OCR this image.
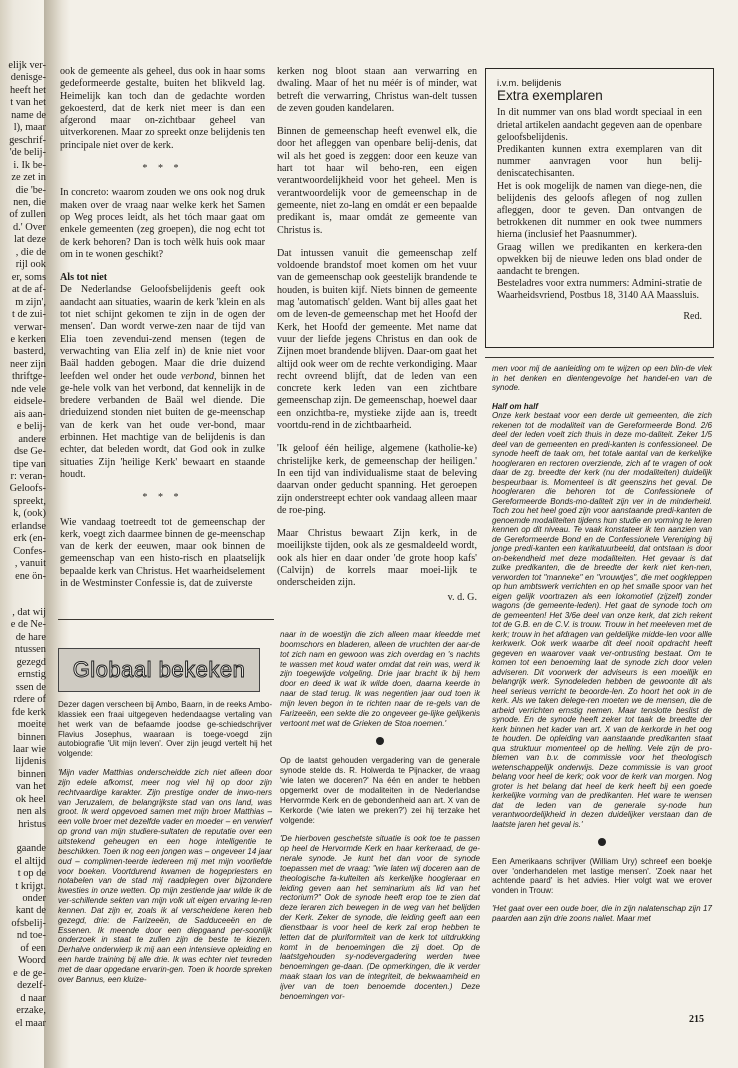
elijk ver-
denisge-
heeft het
t van het
name de
l), maar
geschrif-
'de belij-
i. Ik be-
ze zet in
die 'be-
nen, die
of zullen
d.' Over
lat deze
, die de
rijl ook
er, soms
at de af-
m zijn',
t de zui-
verwar-
e kerken
basterd,
neer zijn
thriftge-
nde vele
eidsele-
ais aan-
e belij-
andere
dse Ge-
tipe van
r: veran-
Geloofs-
spreekt,
k, (ook)
erlandse
erk (en-
Confes-
, vanuit
ene ön-

, dat wij
e de Ne-
de hare
ntussen
gezegd
ernstig
ssen de
rdere of
fde kerk
moeite
binnen
laar wie
lijdenis
binnen
van het
ok heel
nen als
hristus

gaande
el altijd
t op de
t krijgt.
onder
kant de
ofsbelij-
nd toe-
of een
Woord
e de ge-
dezelf-
d naar
erzake,
el maar

ook de gemeente als geheel, dus ook in haar soms gedeformeerde gestalte, buiten het blikveld lag. Heimelijk kan toch dan de gedachte worden gekoesterd, dat de kerk niet meer is dan een afgerond maar on-zichtbaar geheel van uitverkorenen. Maar zo spreekt onze belijdenis ten principale niet over de kerk.

* * *

In concreto: waarom zouden we ons ook nog druk maken over de vraag naar welke kerk het Samen op Weg proces leidt, als het tóch maar gaat om enkele gemeenten (zeg groepen), die nog echt tot de kerk behoren? Dan is toch wèlk huis ook maar om in te wonen geschikt?

Als tot niet

De Nederlandse Geloofsbelijdenis geeft ook aandacht aan situaties, waarin de kerk 'klein en als tot niet schijnt gekomen te zijn in de ogen der mensen'. Dan wordt verwe-zen naar de tijd van Elia toen zevendui-zend mensen (tegen de verwachting van Elia zelf in) de knie niet voor Baäl hadden gebogen. Maar die drie duizend leefden wel onder het oude verbond, binnen het ge-hele volk van het verbond, dat kennelijk in de bredere verbanden de Baäl wel diende. Die drieduizend stonden niet buiten de ge-meenschap van de kerk van het oude ver-bond, maar erbinnen. Het machtige van de belijdenis is dan echter, dat beleden wordt, dat God ook in zulke situaties Zijn 'heilige Kerk' bewaart en staande houdt.

* * *

Wie vandaag toetreedt tot de gemeenschap der kerk, voegt zich daarmee binnen de ge-meenschap van de kerk der eeuwen, maar ook binnen de gemeenschap van een histo-risch en plaatselijk bepaalde kerk van Christus. Het waarheidselement in de Westminster Confessie is, dat de zuiverste

kerken nog bloot staan aan verwarring en dwaling. Maar of het nu méér is of minder, wat betreft die verwarring, Christus wan-delt tussen de zeven gouden kandelaren.

Binnen de gemeenschap heeft evenwel elk, die door het afleggen van openbare belij-denis, dat wil als het goed is zeggen: door een keuze van hart tot haar wil beho-ren, een eigen verantwoordelijkheid voor het geheel. Men is verantwoordelijk voor de gemeenschap in de gemeente, niet zo-lang en omdát er een bepaalde predikant is, maar omdát ze gemeente van Christus is.

Dat intussen vanuit die gemeenschap zelf voldoende brandstof moet komen om het vuur van de gemeenschap ook geestelijk brandende te houden, is buiten kijf. Niets binnen de gemeente mag 'automatisch' gelden. Want bij alles gaat het om de leven-de gemeenschap met het Hoofd der Kerk, het Hoofd der gemeente. Met name dat vuur der liefde jegens Christus en dan ook de Zijnen moet brandende blijven. Daar-om gaat het altijd ook weer om de rechte verkondiging. Maar recht ovreend blijft, dat de leden van een concrete kerk leden van een zichtbare gemeenschap zijn. De gemeenschap, hoewel daar een onzichtba-re, mystieke zijde aan is, treedt voortdu-rend in de zichtbaarheid.

'Ik geloof één heilige, algemene (katholie-ke) christelijke kerk, de gemeenschap der heiligen.' In een tijd van individualisme staat de beleving daarvan onder geducht spanning. Het geroepen zijn onderstreept echter ook vandaag alleen maar de roe-ping.

Maar Christus bewaart Zijn kerk, in de moeilijkste tijden, ook als ze gesmaldeeld wordt, ook als hier en daar onder 'de grote hoop kafs' (Calvijn) de korrels maar moei-lijk te onderscheiden zijn.

v. d. G.
i.v.m. belijdenis
Extra exemplaren

In dit nummer van ons blad wordt speciaal in een drietal artikelen aandacht gegeven aan de openbare geloofsbelijdenis.

Predikanten kunnen extra exemplaren van dit nummer aanvragen voor hun belij-deniscatechisanten.

Het is ook mogelijk de namen van diege-nen, die belijdenis des geloofs aflegen of nog zullen afleggen, door te geven. Dan ontvangen de betrokkenen dit nummer en ook twee nummers hierna (inclusief het Paasnummer).

Graag willen we predikanten en kerkera-den opwekken bij de nieuwe leden ons blad onder de aandacht te brengen.

Besteladres voor extra nummers: Admini-stratie de Waarheidsvriend, Postbus 18, 3140 AA Maassluis.

Red.
Globaal bekeken

Dezer dagen verscheen bij Ambo, Baarn, in de reeks Ambo-klassiek een fraai uitgegeven hedendaagse vertaling van het werk van de befaamde joodse ge-schiedschrijver Flavius Josephus, waaraan is toege-voegd zijn autobiografie 'Uit mijn leven'. Over zijn jeugd vertelt hij het volgende:

'Mijn vader Matthias onderscheidde zich niet alleen door zijn edele afkomst, meer nog viel hij op door zijn rechtvaardige karakter. Zijn prestige onder de inwo-ners van Jeruzalem, de belangrijkste stad van ons land, was groot. Ik werd opgevoed samen met mijn broer Matthias – een volle broer met dezelfde vader en moeder – en verwierf op grond van mijn studiere-sultaten de reputatie over een uitstekend geheugen en een hoge intelligentie te beschikken. Toen ik nog een jongen was – ongeveer 14 jaar oud – complimen-teerde iedereen mij met mijn voorliefde voor boeken. Voortdurend kwamen de hogepriesters en notabelen van de stad mij raadplegen over bijzondere kwesties in onze wetten. Op mijn zestiende jaar wilde ik de ver-schillende sekten van mijn volk uit eigen ervaring le-ren kennen. Dat zijn er, zoals ik al verscheidene keren heb gezegd, drie: de Farizeeën, de Sadduceeën en de Essenen. Ik meende door een diepgaand per-soonlijk onderzoek in staat te zullen zijn de beste te kiezen. Derhalve onderwierp ik mij aan een intensieve opleiding en een harde training bij alle drie. Ik was echter niet tevreden met de daar opgedane ervarin-gen. Toen ik hoorde spreken over Bannus, een kluize-

naar in de woestijn die zich alleen maar kleedde met boomschors en bladeren, alleen de vruchten der aar-de tot zich nam en gewoon was zich overdag en 's nachts te wassen met koud water omdat dat rein was, werd ik zijn toegewijde volgeling. Drie jaar bracht ik bij hem door en deed ik wat ik wilde doen, daarna keerde in naar de stad terug. Ik was negentien jaar oud toen ik mijn leven begon in te richten naar de re-gels van de Farizeeën, een sekte die zo ongeveer ge-lijke gelijkenis vertoont met wat de Grieken de Stoa noemen.'

Op de laatst gehouden vergadering van de generale synode stelde ds. R. Holwerda te Pijnacker, de vraag 'wie laten we doceren?' Na één en ander te hebben opgemerkt over de modaliteiten in de Nederlandse Hervormde Kerk en de gebondenheid aan art. X van de Kerkorde ('wie laten we preken?') zei hij terzake het volgende:

'De hierboven geschetste situatie is ook toe te passen op heel de Hervormde Kerk en haar kerkeraad, de ge-nerale synode. Je kunt het dan voor de synode toepassen met de vraag: "wie laten wij doceren aan de theologische fa-kulteiten als kerkelijke hoogleraar en leiding geven aan het seminarium als lid van het rectorium?" Ook de synode heeft erop toe te zien dat deze leraren zich bewegen in de weg van het belijden der Kerk. Zeker de synode, die leiding geeft aan een dienstbaar is voor heel de kerk zal erop hebben te letten dat de pluriformiteit van de kerk tot uitdrukking komt in de benoemingen die zij doet. Op de laatstgehouden sy-nodevergadering werden twee benoemingen ge-daan. (De opmerkingen, die ik verder maak staan los van de integriteit, de bekwaamheid en ijver van de toen benoemde docenten.) Deze benoemingen vor-

men voor mij de aanleiding om te wijzen op een blin-de vlek in het denken en dientengevolge het handel-en van de synode.

Half om half

Onze kerk bestaat voor een derde uit gemeenten, die zich rekenen tot de modaliteit van de Gereformeerde Bond. 2/6 deel der leden voelt zich thuis in deze mo-daliteit. Zeker 1/5 deel van de gemeenten en predi-kanten is confessioneel. De synode heeft de taak om, het totale aantal van de kerkelijke hoogleraren en rectoren overziende, zich af te vragen of ook daar de zg. breedte der kerk (nu der modaliteiten) duidelijk bespeurbaar is. Momenteel is dit geenszins het geval. De hoogleraren die behoren tot de Confessionele of Gereformeerde Bonds-mo-daliteit zijn ver in de minderheid. Toch zou het heel goed zijn voor aanstaande predi-kanten de genoemde modaliteiten tijdens hun studie en vorming te leren kennen op dit niveau. Te vaak konstateer ik ten aanzien van de Gereformeerde Bond en de Confessionele Vereniging bij jonge predi-kanten een karikatuurbeeld, dat ontstaan is door on-bekendheid met deze modaliteiten. Het gevaar is dat zulke predikanten, die de breedte der kerk niet ken-nen, verworden tot "manneke" en "vrouwtjes", die met oogkleppen op hun ambtswerk verrichten en op het smalle spoor van het eigen gelijk voortrazen als een lokomotief (zijzelf) zonder wagons (de gemeente-leden). Het gaat de synode toch om de gemeenten! Het 3/6e deel van onze kerk, dat zich rekent tot de G.B. en de C.V. is trouw. Trouw in het meeleven met de kerk; trouw in het afdragen van geldelijke midde-len voor allle kerkwerk. Ook werk waarbe dit deel nooit opdracht heeft gegeven en waarover vaak ver-ontrusting bestaat. Om te komen tot een benoeming laat de synode zich door velen adviseren. Dit voorwerk der adviseurs is een moeilijk en belangrijk werk. Synodeleden hebben de gewoonte dit als heel serieus verricht te beoorde-len. Zo hoort het ook in de kerk. Als we taken delege-ren moeten we de mensen, die de arbeid verrichten ernstig nemen. Maar tenslotte beslist de synode. En de synode heeft zeker tot taak de breedte der kerk binnen het kader van art. X van de kerkorde in het oog te houden. De opleiding van aanstaande predikanten staat qua struktuur momenteel op de helling. Vele zijn de pro-blemen van b.v. de commissie voor het theologisch wetenschappelijk onderwijs. Deze commissie is van groot belang voor heel de kerk; ook voor de kerk van morgen. Nog groter is het belang dat heel de kerk heeft bij een goede kerkelijke vorming van de predikanten. Het ware te wensen dat de leden van de generale sy-node hun verantwoordelijkheid in dezen duidelijker verstaan dan de laatste jaren het geval is.'

Een Amerikaans schrijver (William Ury) schreef een boekje over 'onderhandelen met lastige mensen'. 'Zoek naar het achtende paard' is het advies. Hier volgt wat we erover vonden in Trouw:

'Het gaat over een oude boer, die in zijn nalatenschap zijn 17 paarden aan zijn drie zoons naliet. Maar met

215
